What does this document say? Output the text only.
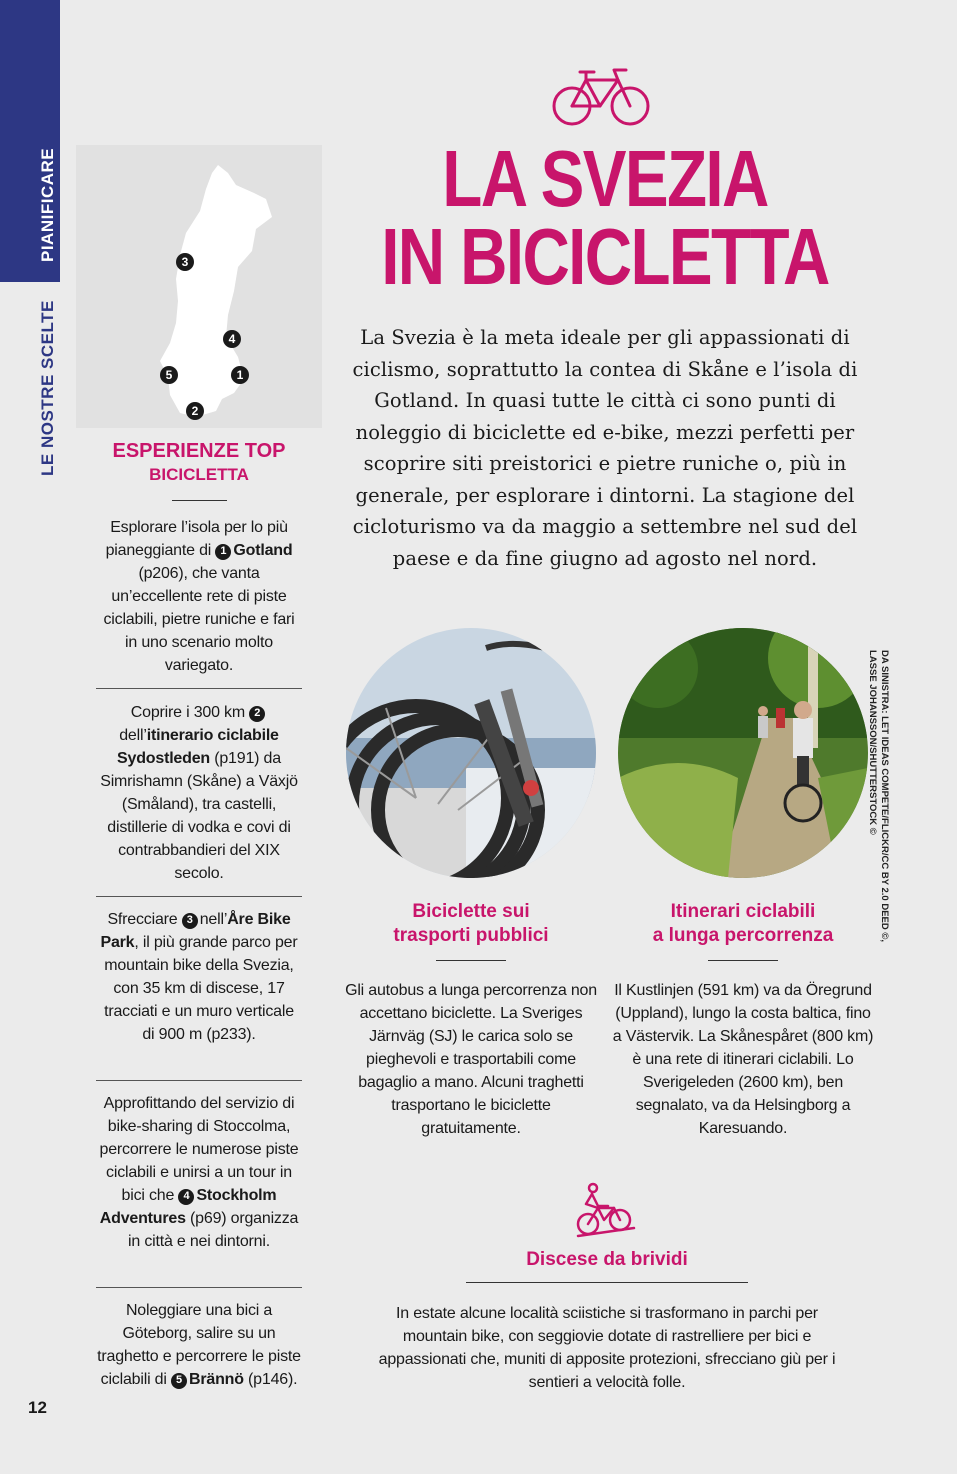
PIANIFICARE
LE NOSTRE SCELTE
12
3
4
5	1
2
ESPERIENZE TOP
BICICLETTA
Esplorare l’isola per lo più pianeggiante di 1 Gotland (p206), che vanta un’eccellente rete di piste ciclabili, pietre runiche e fari in uno scenario molto variegato.
Coprire i 300 km 2dell’itinerario ciclabile Sydostleden (p191) da Simrishamn (Skåne) a Växjö (Småland), tra castelli, distillerie di vodka e covi di contrabbandieri del XIX secolo.
Sfrecciare 3 nell’Åre Bike Park, il più grande parco per mountain bike della Svezia, con 35 km di discese, 17 tracciati e un muro verticale di 900 m (p233).
Approfittando del servizio di bike-sharing di Stoccolma, percorrere le numerose piste ciclabili e unirsi a un tour in bici che 4 Stockholm Adventures (p69) organizza in città e nei dintorni.
Noleggiare una bici a Göteborg, salire su un traghetto e percorrere le piste ciclabili di 5 Brännö (p146).
LA SVEZIA
IN BICICLETTA
La Svezia è la meta ideale per gli appassionati di ciclismo, soprattutto la contea di Skåne e l’isola di Gotland. In quasi tutte le città ci sono punti di noleggio di biciclette ed e-bike, mezzi perfetti per scoprire siti preistorici e pietre runiche o, più in generale, per esplorare i dintorni. La stagione del cicloturismo va da maggio a settembre nel sud del paese e da fine giugno ad agosto nel nord.
DA SINISTRA: LET IDEAS COMPETE/FLICKR/CC BY 2.0 DEED ©,
LASSE JOHANSSON/SHUTTERSTOCK ©
Biciclette sui
trasporti pubblici
Gli autobus a lunga percorrenza non accettano biciclette. La Sveriges Järnväg (SJ) le carica solo se pieghevoli e trasportabili come bagaglio a mano. Alcuni traghetti trasportano le biciclette gratuitamente.
Itinerari ciclabili
a lunga percorrenza
Il Kustlinjen (591 km) va da Öregrund (Uppland), lungo la costa baltica, fino a Västervik. La Skånespåret (800 km) è una rete di itinerari ciclabili. Lo Sverigeleden (2600 km), ben segnalato, va da Helsingborg a Karesuando.
Discese da brividi
In estate alcune località sciistiche si trasformano in parchi per mountain bike, con seggiovie dotate di rastrelliere per bici e appassionati che, muniti di apposite protezioni, sfrecciano giù per i sentieri a velocità folle.
